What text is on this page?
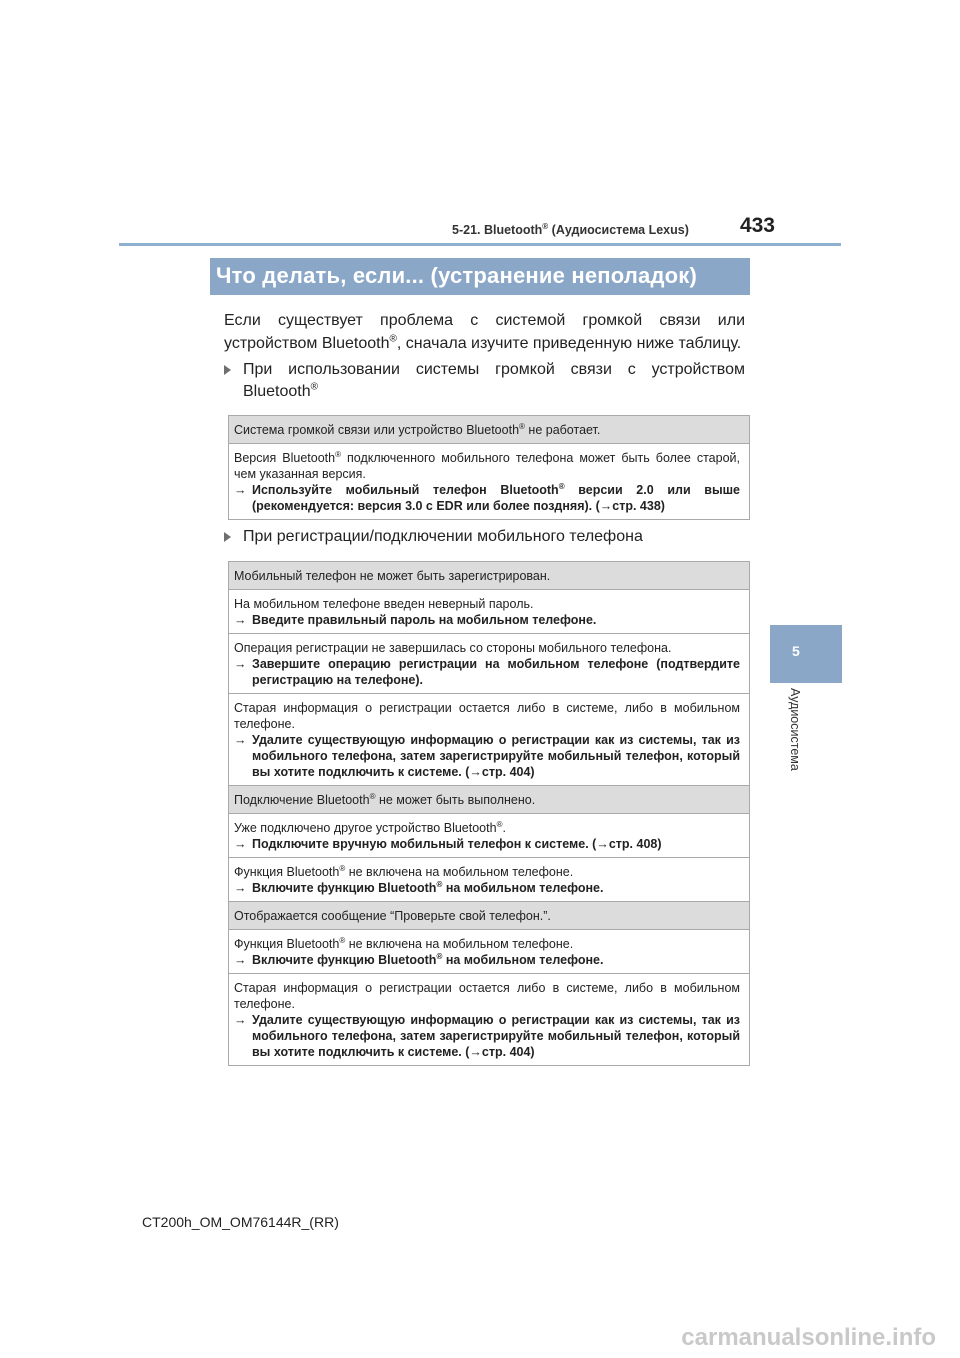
5-21. Bluetooth® (Аудиосистема Lexus) 433
Что делать, если... (устранение неполадок)
Если существует проблема с системой громкой связи или устройством Bluetooth®, сначала изучите приведенную ниже таблицу.
При использовании системы громкой связи с устройством Bluetooth®
Система громкой связи или устройство Bluetooth® не работает.

Версия Bluetooth® подключенного мобильного телефона может быть более старой, чем указанная версия.
→ Используйте мобильный телефон Bluetooth® версии 2.0 или выше (рекомендуется: версия 3.0 с EDR или более поздняя). (→стр. 438)
При регистрации/подключении мобильного телефона
Мобильный телефон не может быть зарегистрирован.

На мобильном телефоне введен неверный пароль.
→ Введите правильный пароль на мобильном телефоне.

Операция регистрации не завершилась со стороны мобильного телефона.
→ Завершите операцию регистрации на мобильном телефоне (подтвердите регистрацию на телефоне).

Старая информация о регистрации остается либо в системе, либо в мобильном телефоне.
→ Удалите существующую информацию о регистрации как из системы, так из мобильного телефона, затем зарегистрируйте мобильный телефон, который вы хотите подключить к системе. (→стр. 404)

Подключение Bluetooth® не может быть выполнено.

Уже подключено другое устройство Bluetooth®.
→ Подключите вручную мобильный телефон к системе. (→стр. 408)

Функция Bluetooth® не включена на мобильном телефоне.
→ Включите функцию Bluetooth® на мобильном телефоне.

Отображается сообщение “Проверьте свой телефон.”.

Функция Bluetooth® не включена на мобильном телефоне.
→ Включите функцию Bluetooth® на мобильном телефоне.

Старая информация о регистрации остается либо в системе, либо в мобильном телефоне.
→ Удалите существующую информацию о регистрации как из системы, так из мобильного телефона, затем зарегистрируйте мобильный телефон, который вы хотите подключить к системе. (→стр. 404)
5
Аудиосистема
CT200h_OM_OM76144R_(RR)
carmanualsonline.info
